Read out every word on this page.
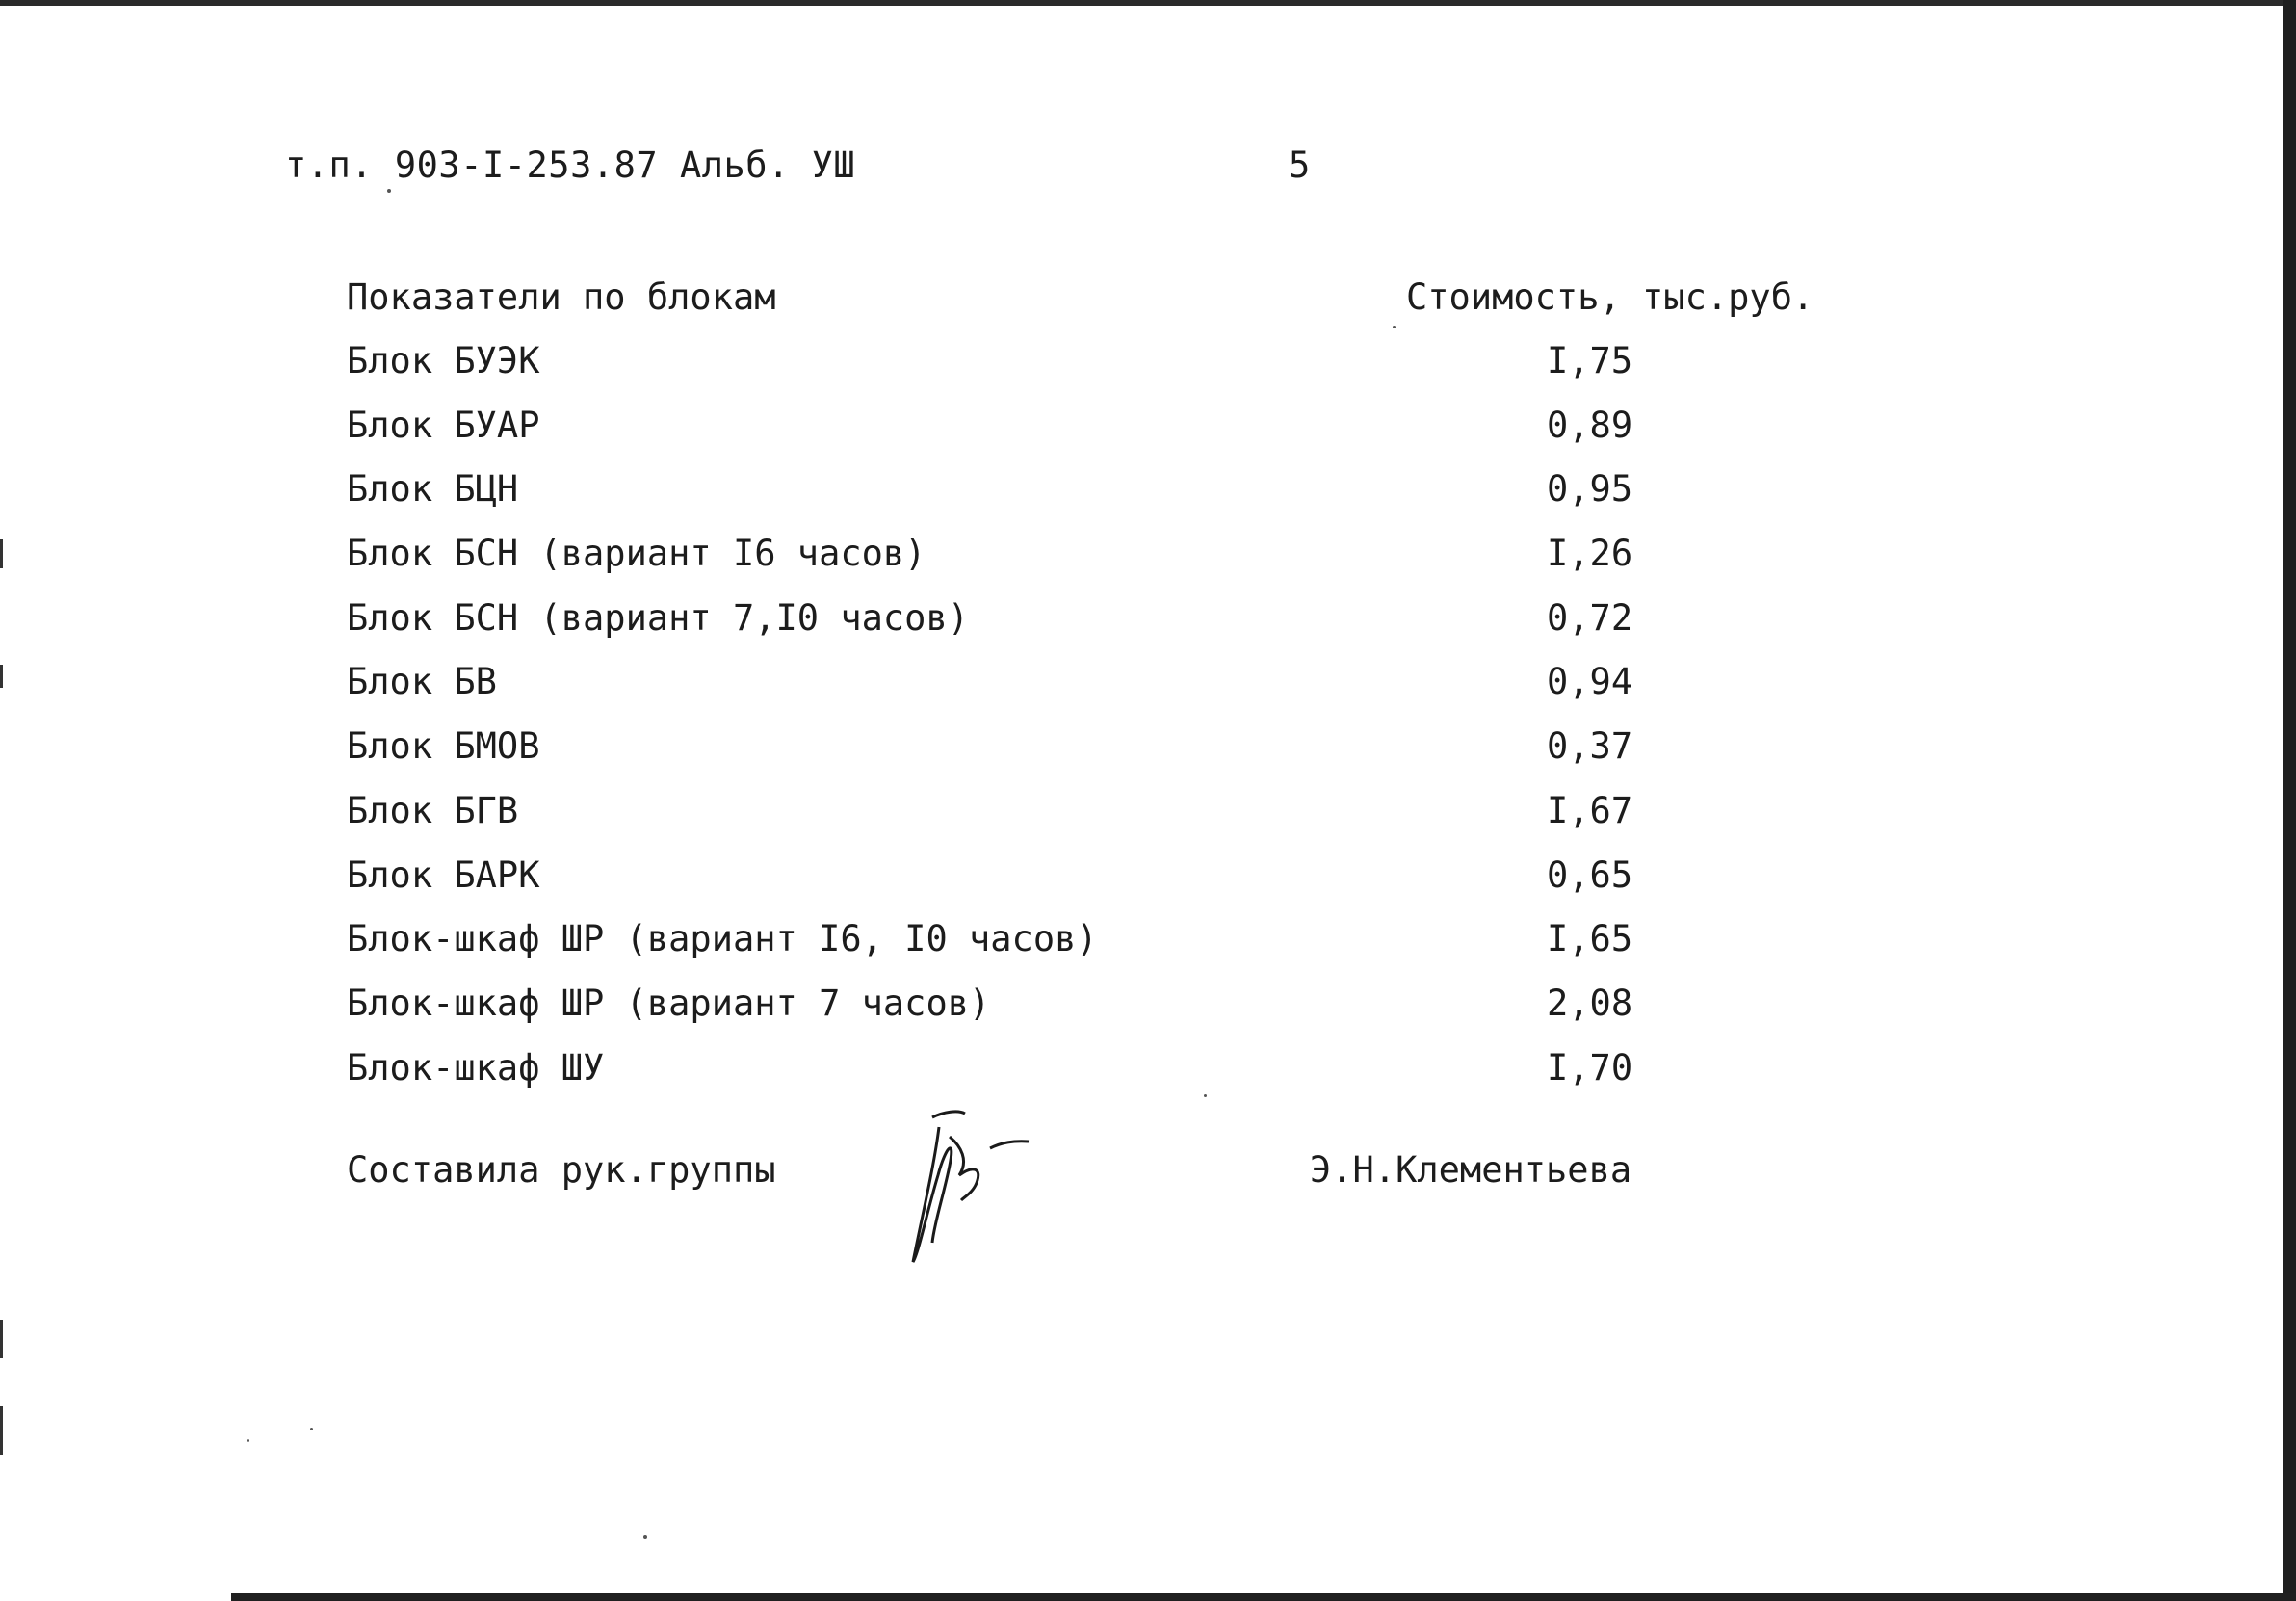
т.п. 903-I-253.87 Альб. УШ	5
Показатели по блокам	Стоимость, тыс.руб.
Блок БУЭК	I,75
Блок БУАР	0,89
Блок БЦН	0,95
Блок БСН (вариант I6 часов)	I,26
Блок БСН (вариант 7,I0 часов)	0,72
Блок БВ	0,94
Блок БМОВ	0,37
Блок БГВ	I,67
Блок БАРК	0,65
Блок-шкаф ШР (вариант I6, I0 часов)	I,65
Блок-шкаф ШР (вариант 7 часов)	2,08
Блок-шкаф ШУ	I,70
Составила рук.группы	Э.Н.Клементьева
